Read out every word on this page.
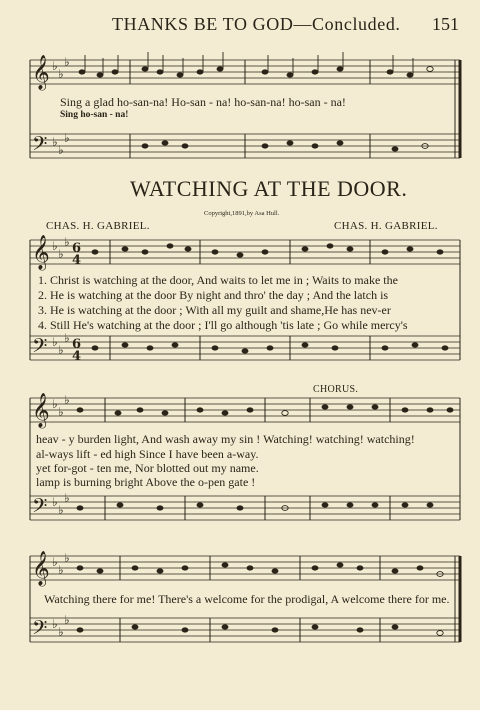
THANKS BE TO GOD—Concluded. 151
𝄞
𝄢
𝄞
𝄢
𝄞
𝄢
𝄞
𝄢
♭
♭
♭
♭
♭
♭
♭
♭
♭
♭
♭
♭
♭
♭
♭
♭
♭
♭
♭
♭
♭
♭
♭
♭
6
4
6
4
Sing a glad ho-san-na! Ho-san - na! ho-san-na! ho-san - na!
Sing ho-san - na!
WATCHING AT THE DOOR.
Copyright,1891,by Asa Hull.
CHAS. H. GABRIEL.	CHAS. H. GABRIEL.
1. Christ is watching at the door, And waits to let me in ; Waits to make the
2. He is watching at the door By night and thro' the day ; And the latch is
3. He is watching at the door ; With all my guilt and shame,He has nev-er
4. Still He's watching at the door ; I'll go although 'tis late ; Go while mercy's
CHORUS.
heav - y burden light, And wash away my sin ! Watching! watching! watching!
al-ways lift - ed high Since I have been a-way.
yet for-got - ten me, Nor blotted out my name.
lamp is burning bright Above the o-pen gate !
Watching there for me! There's a welcome for the prodigal, A welcome there for me.
